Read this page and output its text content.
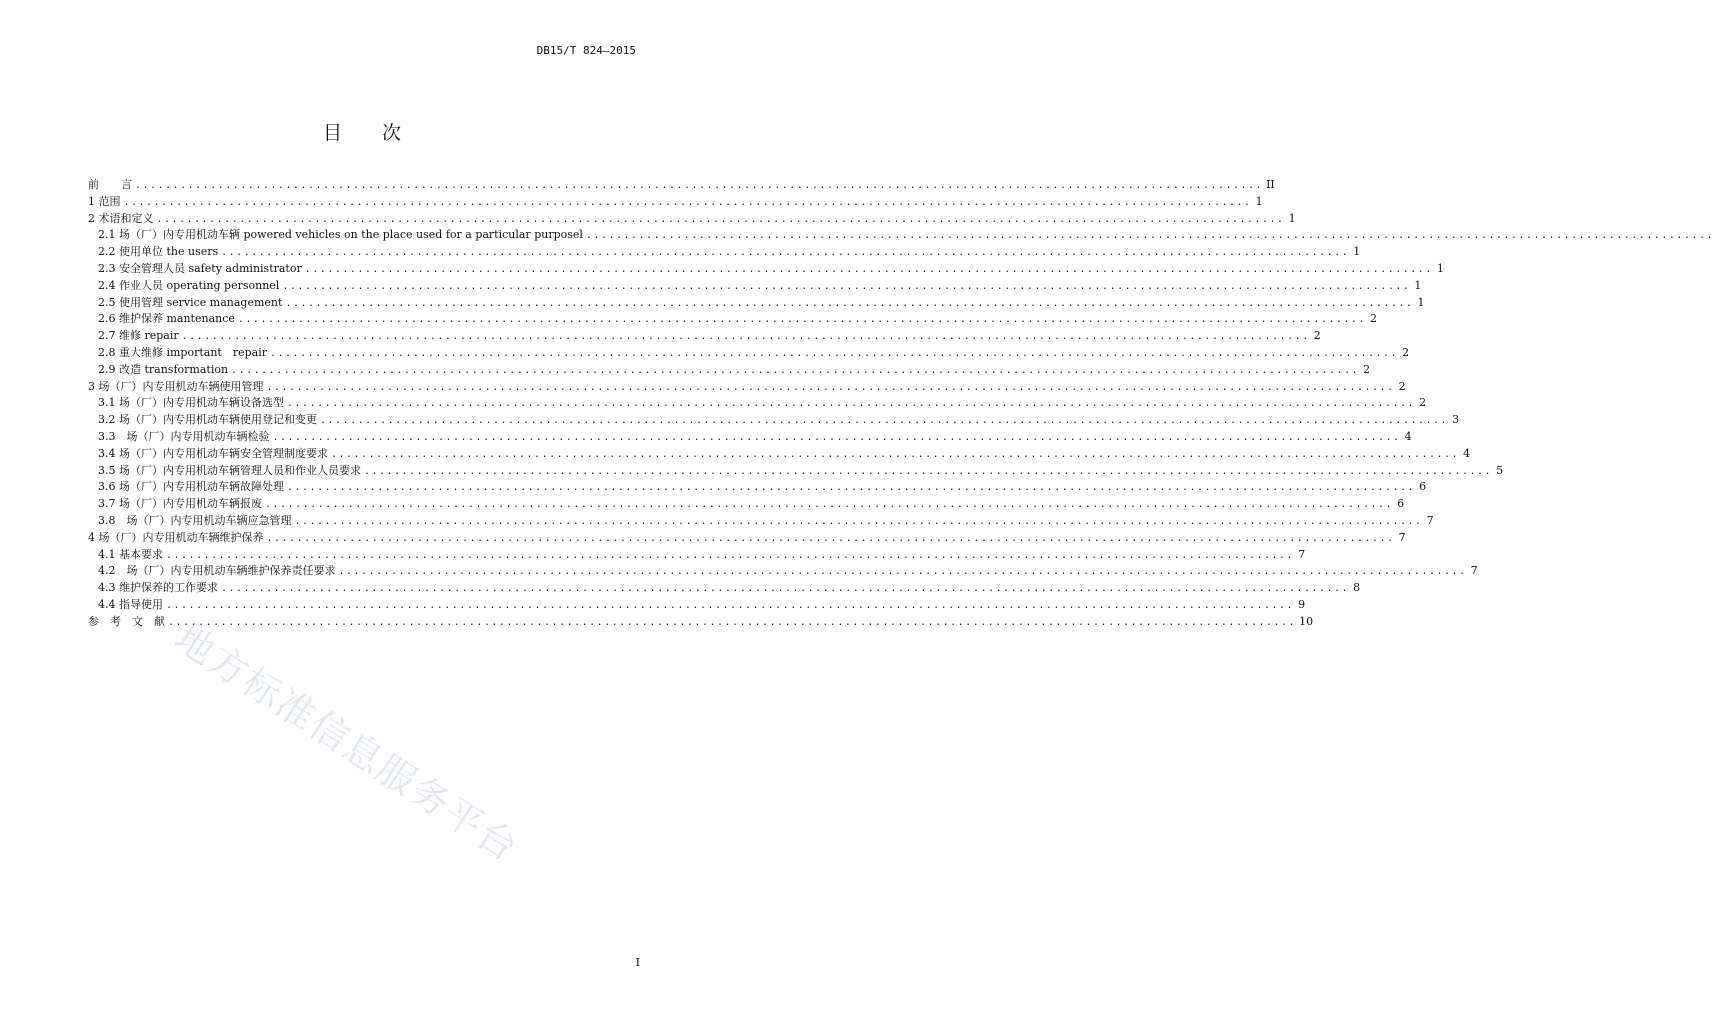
DB15/T 824—2015
目 次
前　　言 .....	II
1 范围 .....	1
2 术语和定义 .....	1
2.1 场（厂）内专用机动车辆 powered vehicles on the place used for a particular purposel
.....
2.2 使用单位 the users .....	1
2.3 安全管理人员 safety administrator .....	1
2.4 作业人员 operating personnel .....	1
2.5 使用管理 service management .....	1
2.6 维护保养 mantenance .....	2
2.7 维修 repair .....	2
2.8 重大维修 important　repair .....	2
2.9 改造 transformation .....	2
3 场（厂）内专用机动车辆使用管理 .....	2
3.1 场（厂）内专用机动车辆设备选型 .....	2
3.2 场（厂）内专用机动车辆使用登记和变更 .....	3
3.3　场（厂）内专用机动车辆检验 .....	4
3.4 场（厂）内专用机动车辆安全管理制度要求 .....	4
3.5 场（厂）内专用机动车辆管理人员和作业人员要求 .....	5
3.6 场（厂）内专用机动车辆故障处理 .....	6
3.7 场（厂）内专用机动车辆报废 .....	6
3.8　场（厂）内专用机动车辆应急管理 .....	7
4 场（厂）内专用机动车辆维护保养 .....	7
4.1 基本要求 .....	7
4.2　场（厂）内专用机动车辆维护保养责任要求 .....	7
4.3 维护保养的工作要求 .....	8
4.4 指导使用 .....	9
参　考　文　献 .....	10
地方标准信息服务平台
I
